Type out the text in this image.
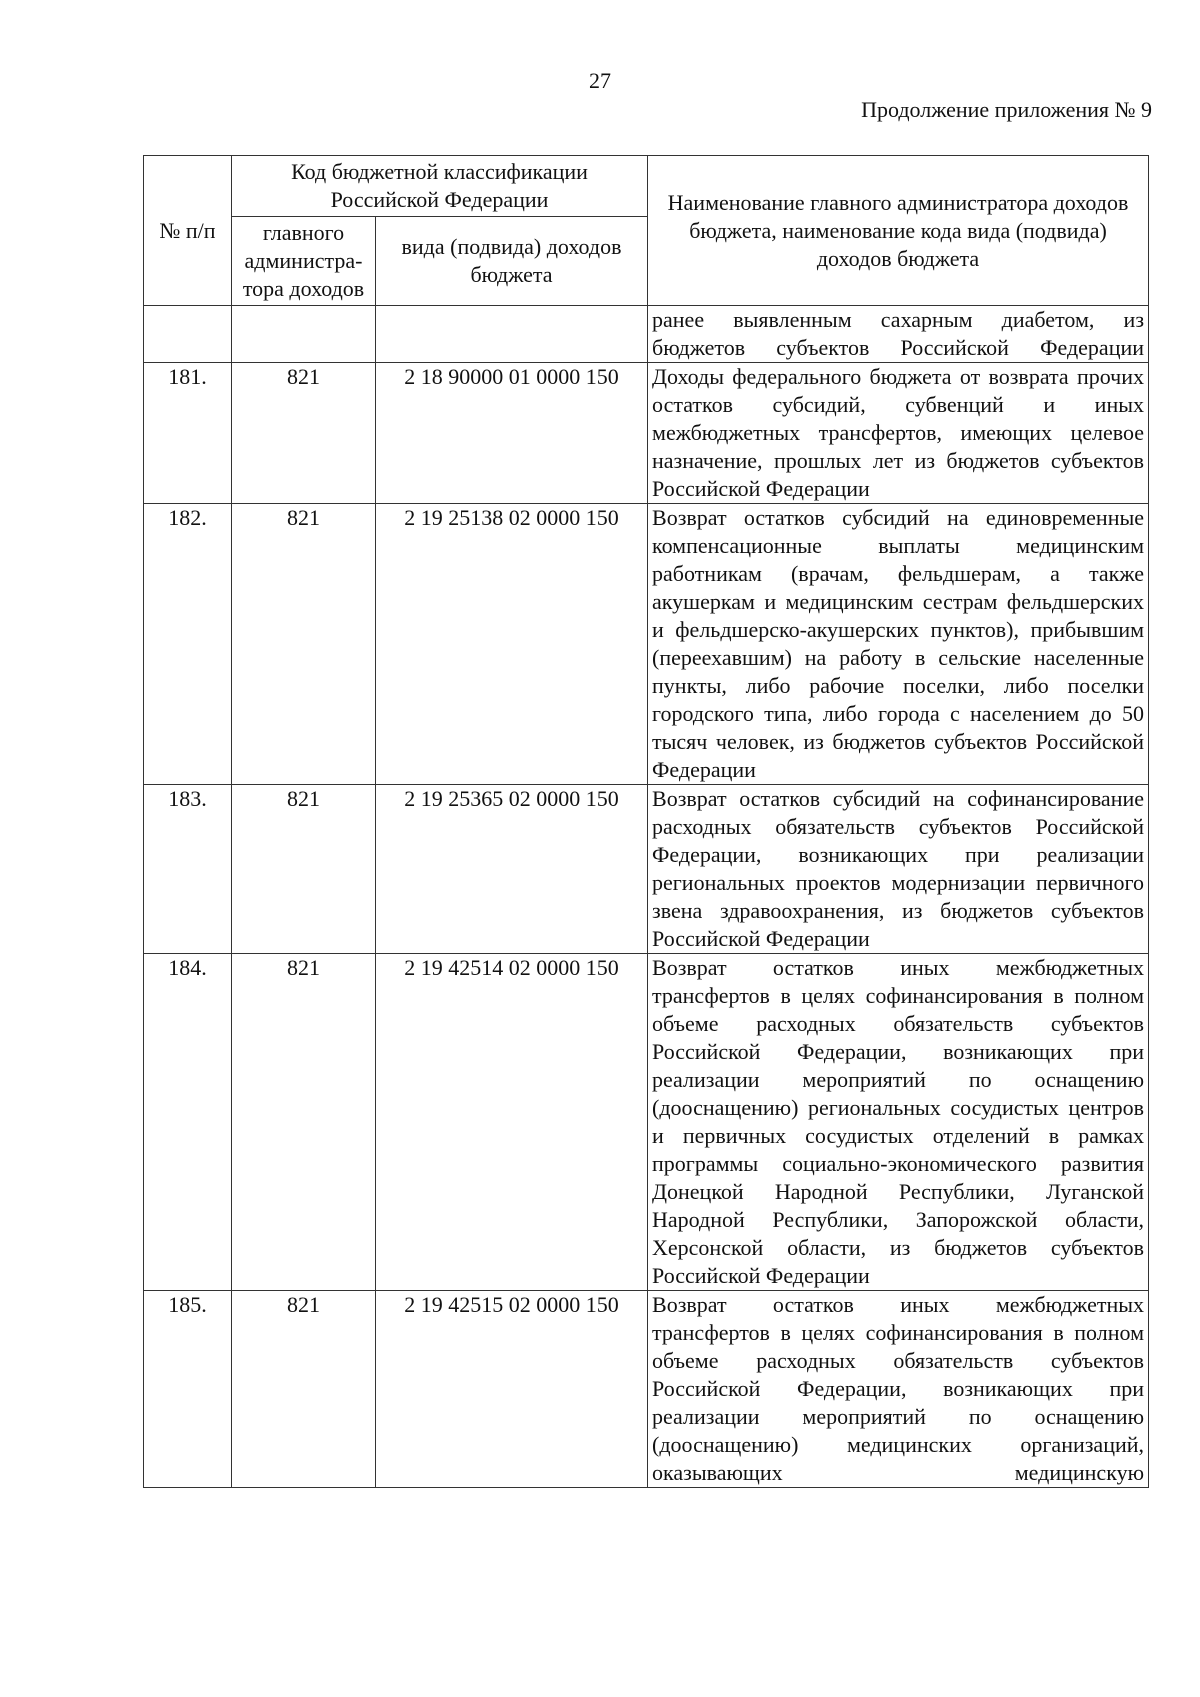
27
Продолжение приложения № 9
№ п/п	Код бюджетной классификации Российской Федерации		Наименование главного администратора доходов бюджета, наименование кода вида (подвида) доходов бюджета
	главного администра-тора доходов	вида (подвида) доходов бюджета	
			ранее выявленным сахарным диабетом, из бюджетов субъектов Российской Федерации
181.	821	2 18 90000 01 0000 150	Доходы федерального бюджета от возврата прочих остатков субсидий, субвенций и иных межбюджетных трансфертов, имеющих целевое назначение, прошлых лет из бюджетов субъектов Российской Федерации
182.	821	2 19 25138 02 0000 150	Возврат остатков субсидий на единовременные компенсационные выплаты медицинским работникам (врачам, фельдшерам, а также акушеркам и медицинским сестрам фельдшерских и фельдшерско-акушерских пунктов), прибывшим (переехавшим) на работу в сельские населенные пункты, либо рабочие поселки, либо поселки городского типа, либо города с населением до 50 тысяч человек, из бюджетов субъектов Российской Федерации
183.	821	2 19 25365 02 0000 150	Возврат остатков субсидий на софинансирование расходных обязательств субъектов Российской Федерации, возникающих при реализации региональных проектов модернизации первичного звена здравоохранения, из бюджетов субъектов Российской Федерации
184.	821	2 19 42514 02 0000 150	Возврат остатков иных межбюджетных трансфертов в целях софинансирования в полном объеме расходных обязательств субъектов Российской Федерации, возникающих при реализации мероприятий по оснащению (дооснащению) региональных сосудистых центров и первичных сосудистых отделений в рамках программы социально-экономического развития Донецкой Народной Республики, Луганской Народной Республики, Запорожской области, Херсонской области, из бюджетов субъектов Российской Федерации
185.	821	2 19 42515 02 0000 150	Возврат остатков иных межбюджетных трансфертов в целях софинансирования в полном объеме расходных обязательств субъектов Российской Федерации, возникающих при реализации мероприятий по оснащению (дооснащению) медицинских организаций, оказывающих медицинскую
